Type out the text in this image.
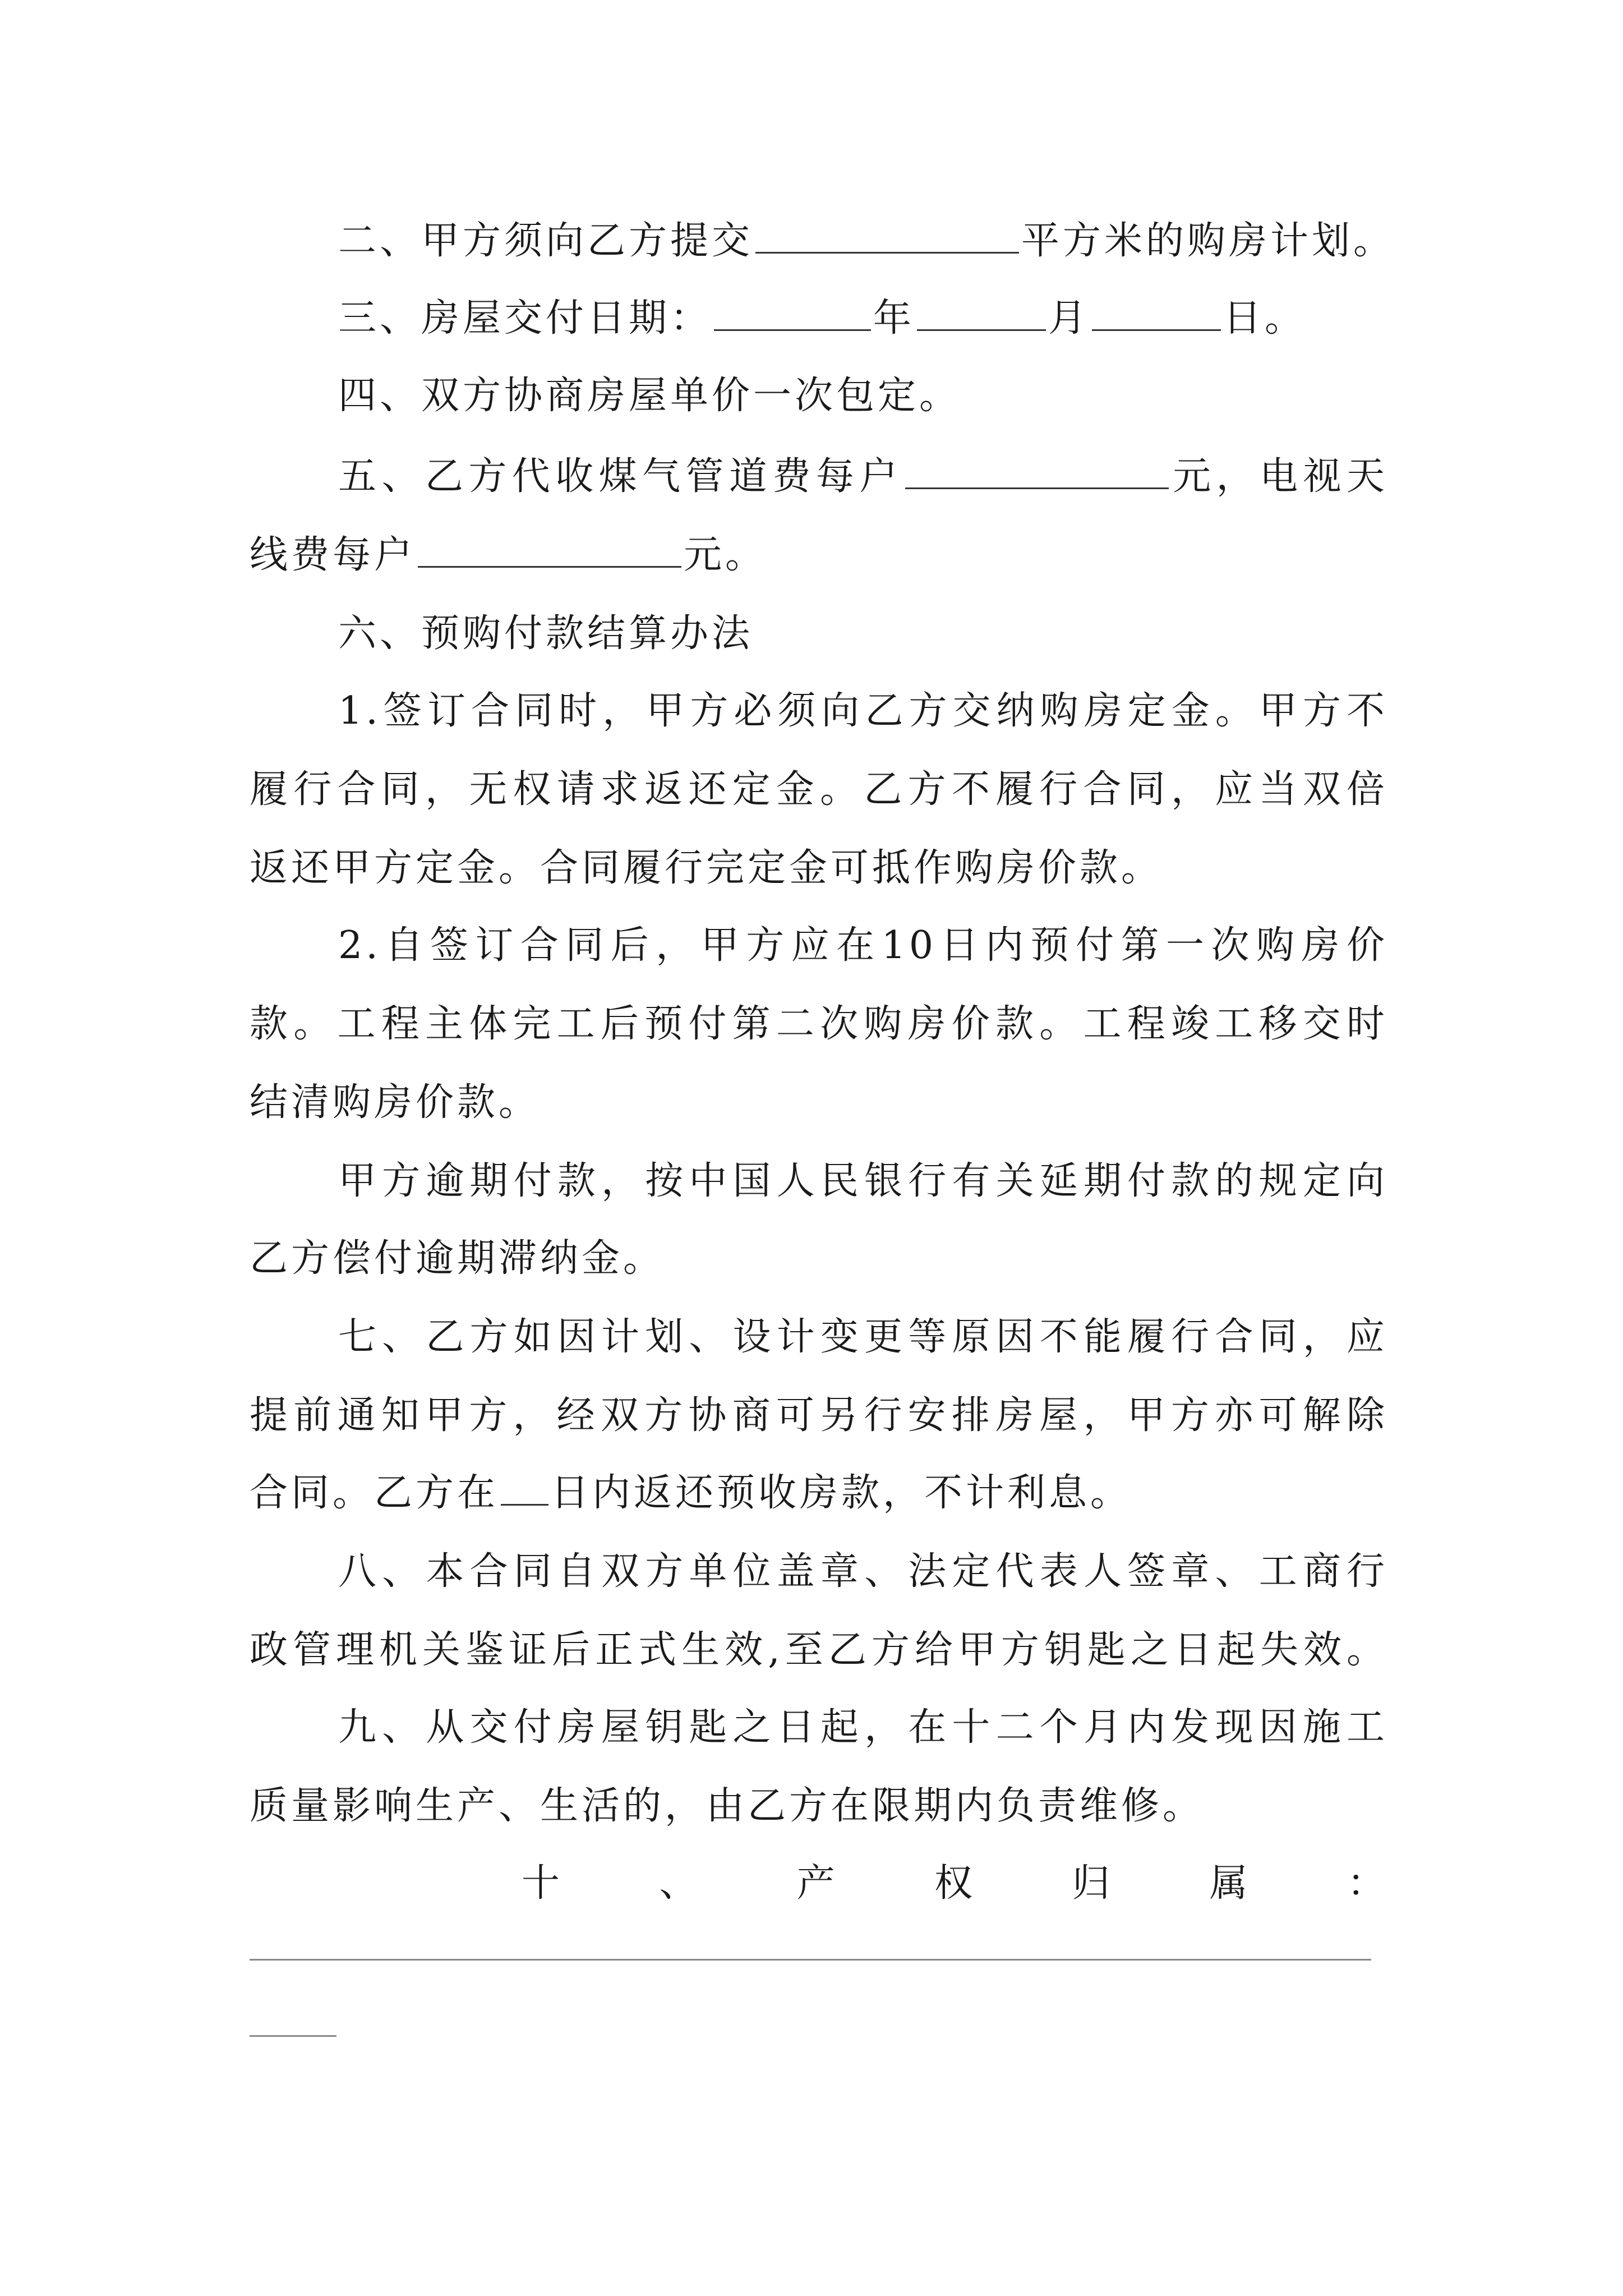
二、甲方须向乙方提交	平方米的购房计划。
三、房屋交付日期：	年	月	日。
四、双方协商房屋单价一次包定。
五、乙方代收煤气管道费每户	元，电视天
线费每户	元。
六、预购付款结算办法
1.签订合同时，甲方必须向乙方交纳购房定金。甲方不
履行合同，无权请求返还定金。乙方不履行合同，应当双倍
返还甲方定金。合同履行完定金可抵作购房价款。
2.自签订合同后，甲方应在10日内预付第一次购房价
款。工程主体完工后预付第二次购房价款。工程竣工移交时
结清购房价款。
甲方逾期付款，按中国人民银行有关延期付款的规定向
乙方偿付逾期滞纳金。
七、乙方如因计划、设计变更等原因不能履行合同，应
提前通知甲方，经双方协商可另行安排房屋，甲方亦可解除
合同。乙方在 日内返还预收房款，不计利息。
八、本合同自双方单位盖章、法定代表人签章、工商行
政管理机关鉴证后正式生效,至乙方给甲方钥匙之日起失效。
九、从交付房屋钥匙之日起，在十二个月内发现因施工
质量影响生产、生活的，由乙方在限期内负责维修。
十	、	产	权	归	属	：
